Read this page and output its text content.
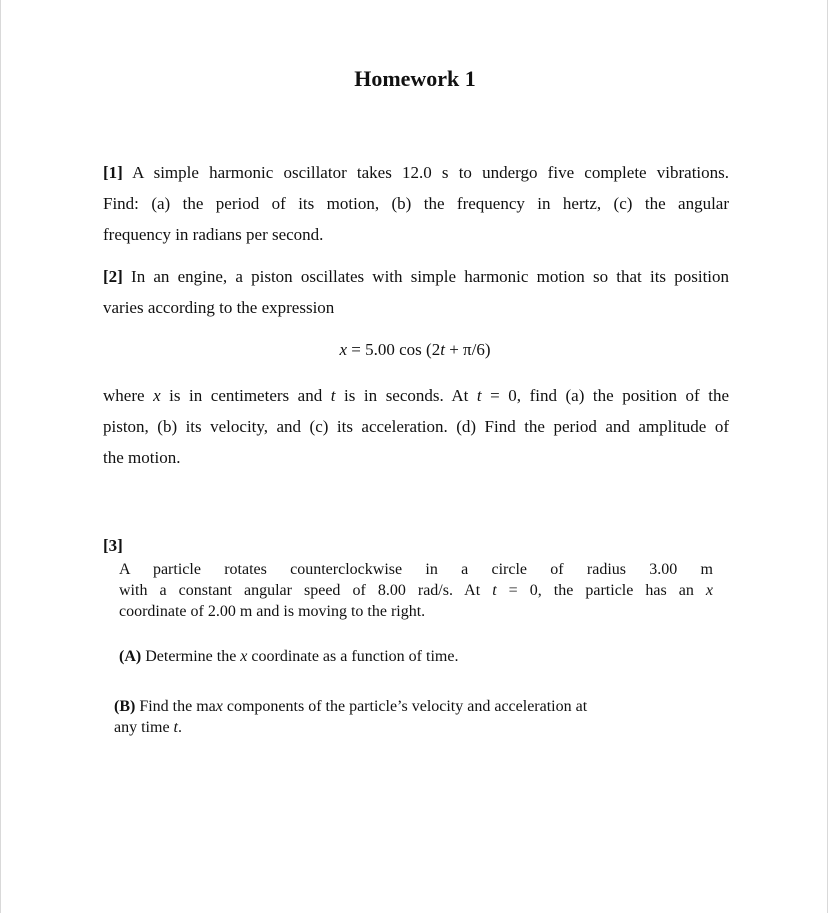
Homework 1
[1] A simple harmonic oscillator takes 12.0 s to undergo five complete vibrations.
Find: (a) the period of its motion, (b) the frequency in hertz, (c) the angular
frequency in radians per second.
[2] In an engine, a piston oscillates with simple harmonic motion so that its position
varies according to the expression
x = 5.00 cos (2t + π/6)
where x is in centimeters and t is in seconds. At t = 0, find (a) the position of the
piston, (b) its velocity, and (c) its acceleration. (d) Find the period and amplitude of
the motion.
[3]
A particle rotates counterclockwise in a circle of radius 3.00 m
with a constant angular speed of 8.00 rad/s. At t = 0, the particle has an x
coordinate of 2.00 m and is moving to the right.
(A) Determine the x coordinate as a function of time.
(B) Find the max components of the particle’s velocity and acceleration at
any time t.
